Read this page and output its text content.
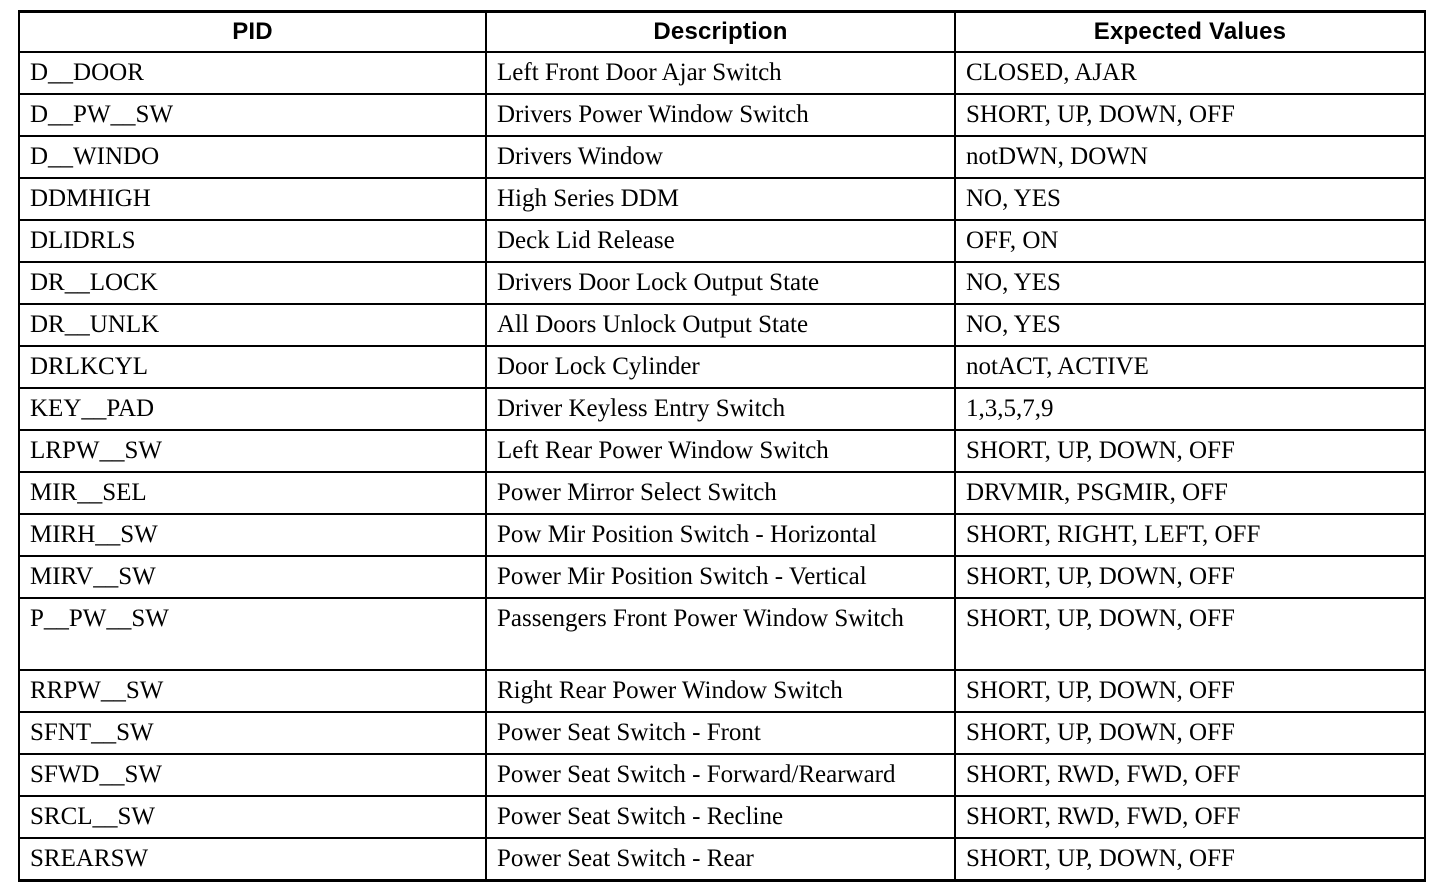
PID	Description	Expected Values
D__DOOR	Left Front Door Ajar Switch	CLOSED, AJAR
D__PW__SW	Drivers Power Window Switch	SHORT, UP, DOWN, OFF
D__WINDO	Drivers Window	notDWN, DOWN
DDMHIGH	High Series DDM	NO, YES
DLIDRLS	Deck Lid Release	OFF, ON
DR__LOCK	Drivers Door Lock Output State	NO, YES
DR__UNLK	All Doors Unlock Output State	NO, YES
DRLKCYL	Door Lock Cylinder	notACT, ACTIVE
KEY__PAD	Driver Keyless Entry Switch	1,3,5,7,9
LRPW__SW	Left Rear Power Window Switch	SHORT, UP, DOWN, OFF
MIR__SEL	Power Mirror Select Switch	DRVMIR, PSGMIR, OFF
MIRH__SW	Pow Mir Position Switch - Horizontal	SHORT, RIGHT, LEFT, OFF
MIRV__SW	Power Mir Position Switch - Vertical	SHORT, UP, DOWN, OFF
P__PW__SW	Passengers Front Power Window Switch	SHORT, UP, DOWN, OFF
RRPW__SW	Right Rear Power Window Switch	SHORT, UP, DOWN, OFF
SFNT__SW	Power Seat Switch - Front	SHORT, UP, DOWN, OFF
SFWD__SW	Power Seat Switch - Forward/Rearward	SHORT, RWD, FWD, OFF
SRCL__SW	Power Seat Switch - Recline	SHORT, RWD, FWD, OFF
SREARSW	Power Seat Switch - Rear	SHORT, UP, DOWN, OFF
